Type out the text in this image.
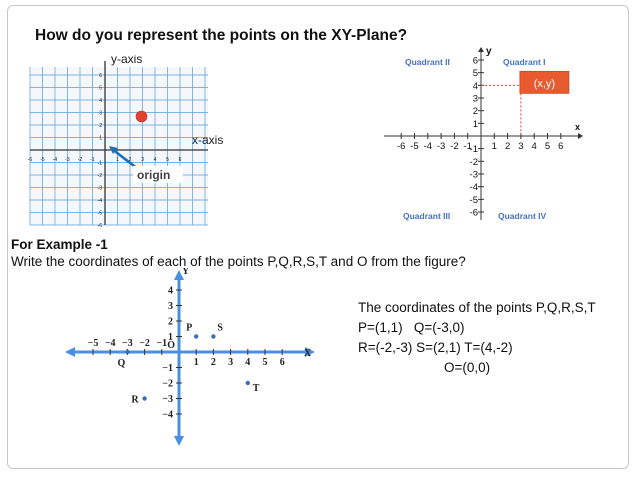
How do you represent the points on the XY-Plane?
-6 -5 -4 -3 -2 -1	1 2 3 4 5 6
6
5
4
3
2
1
-1
-2
-3
-4
-5
-6
y-axis
x-axis
origin
-6 -5 -4 -3 -2 -1 1 2 3 4 5 6
6
5
4
3
2
1
-1
-2
-3
-4
-5
-6
Quadrant II	Quadrant I
Quadrant III	Quadrant IV
y
x
(x,y)
For Example -1
Write the coordinates of each of the points P,Q,R,S,T and O from the figure?
−5 −4 −3 −2 −1
1 2 3 4 5 6
4
3
2
1
−1
−2
−3
−4
Y
X
P
Q
R
S
T
O
The coordinates of the points P,Q,R,S,T
P=(1,1)   Q=(-3,0)
R=(-2,-3) S=(2,1) T=(4,-2)
O=(0,0)
